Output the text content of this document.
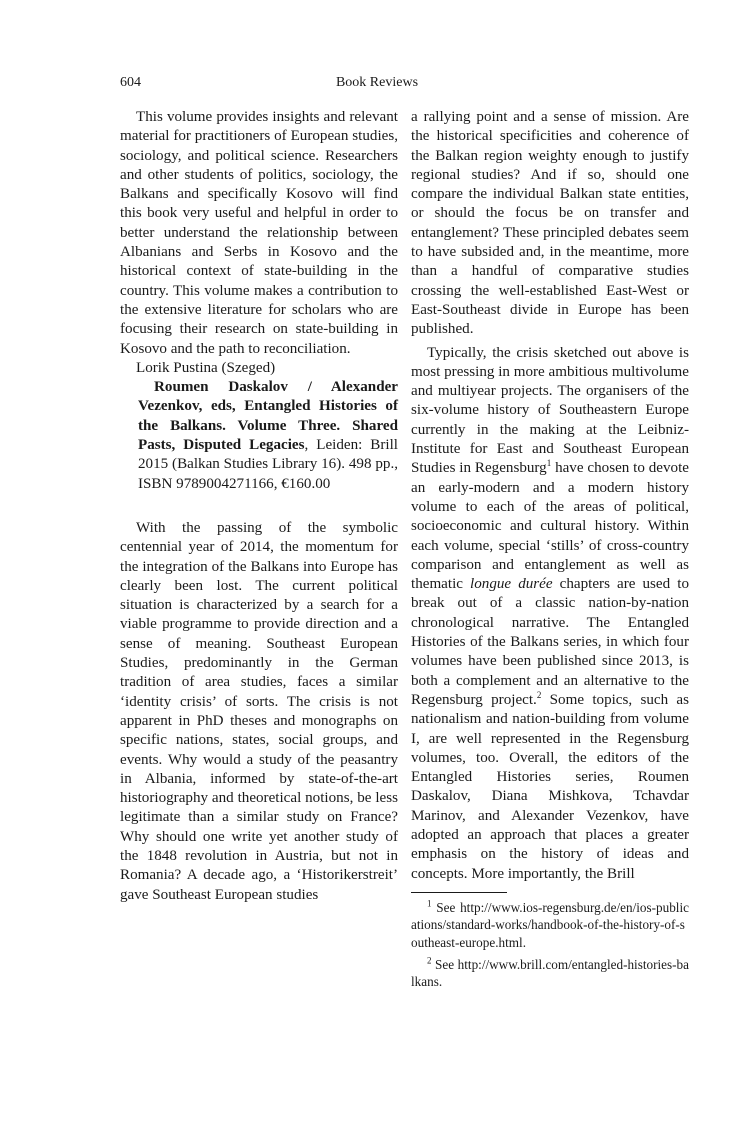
604	Book Reviews

This volume provides insights and relevant material for practitioners of European studies, sociology, and political science. Researchers and other students of politics, sociology, the Balkans and specifically Kosovo will find this book very useful and helpful in order to better understand the relationship between Albanians and Serbs in Kosovo and the historical context of state-building in the country. This volume makes a contribution to the extensive literature for scholars who are focusing their research on state-building in Kosovo and the path to reconciliation.

Lorik Pustina (Szeged)

Roumen Daskalov / Alexander Vezenkov, eds, Entangled Histories of the Balkans. Volume Three. Shared Pasts, Disputed Legacies, Leiden: Brill 2015 (Balkan Studies Library 16). 498 pp., ISBN 9789004271166, €160.00

With the passing of the symbolic centennial year of 2014, the momentum for the integration of the Balkans into Europe has clearly been lost. The current political situation is characterized by a search for a viable programme to provide direction and a sense of meaning. Southeast European Studies, predominantly in the German tradition of area studies, faces a similar ‘identity crisis’ of sorts. The crisis is not apparent in PhD theses and monographs on specific nations, states, social groups, and events. Why would a study of the peasantry in Albania, informed by state-of-the-art historiography and theoretical notions, be less legitimate than a similar study on France? Why should one write yet another study of the 1848 revolution in Austria, but not in Romania? A decade ago, a ‘Historikerstreit’ gave Southeast European studies

a rallying point and a sense of mission. Are the historical specificities and coherence of the Balkan region weighty enough to justify regional studies? And if so, should one compare the individual Balkan state entities, or should the focus be on transfer and entanglement? These principled debates seem to have subsided and, in the meantime, more than a handful of comparative studies crossing the well-established East-West or East-Southeast divide in Europe has been published.

Typically, the crisis sketched out above is most pressing in more ambitious multivolume and multiyear projects. The organisers of the six-volume history of Southeastern Europe currently in the making at the Leibniz-Institute for East and Southeast European Studies in Regensburg$^1$ have chosen to devote an early-modern and a modern history volume to each of the areas of political, socioeconomic and cultural history. Within each volume, special ‘stills’ of cross-country comparison and entanglement as well as thematic longue durée chapters are used to break out of a classic nation-by-nation chronological narrative. The Entangled Histories of the Balkans series, in which four volumes have been published since 2013, is both a complement and an alternative to the Regensburg project.$^2$ Some topics, such as nationalism and nation-building from volume I, are well represented in the Regensburg volumes, too. Overall, the editors of the Entangled Histories series, Roumen Daskalov, Diana Mishkova, Tchavdar Marinov, and Alexander Vezenkov, have adopted an approach that places a greater emphasis on the history of ideas and concepts. More importantly, the Brill

$^1$ See http://www.ios-regensburg.de/en/ios-publications/standard-works/handbook-of-the-history-of-southeast-europe.html.

$^2$ See http://www.brill.com/entangled-histories-balkans.
